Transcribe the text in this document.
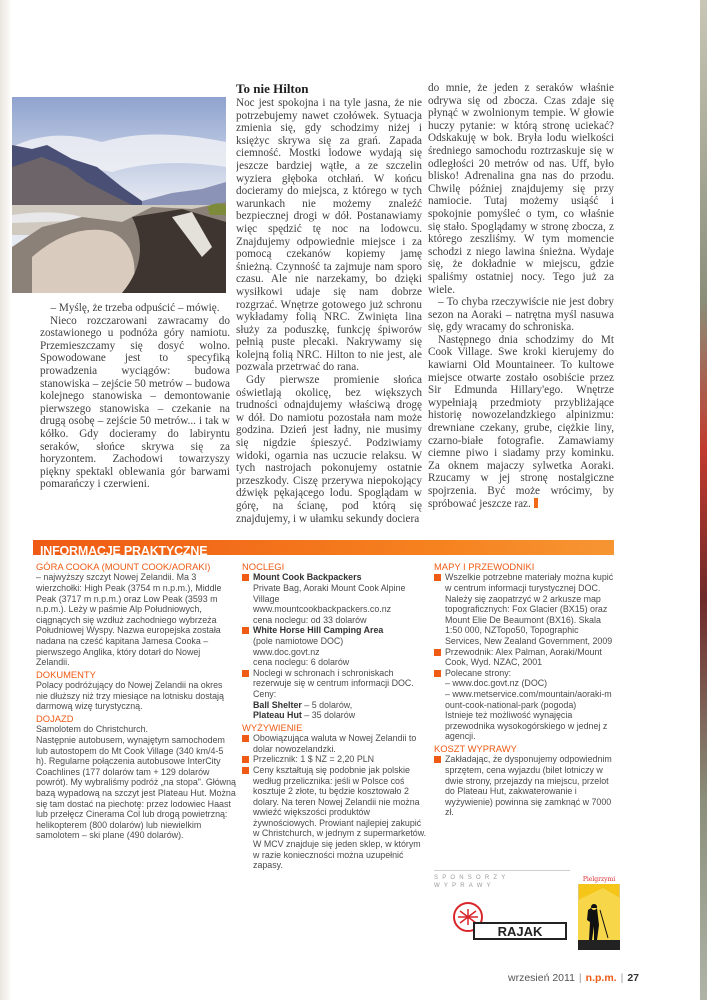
– Myślę, że trzeba odpuścić – mówię.

Nieco rozczarowani zawracamy do zostawionego u podnóża góry namiotu. Przemieszczamy się dosyć wolno. Spowodowane jest to specyfiką prowadzenia wyciągów: budowa stanowiska – zejście 50 metrów – budowa kolejnego stanowiska – demontowanie pierwszego stanowiska – czekanie na drugą osobę – zejście 50 metrów... i tak w kółko. Gdy docieramy do labiryntu seraków, słońce skrywa się za horyzontem. Zachodowi towarzyszy piękny spektakl oblewania gór barwami pomarańczy i czerwieni.

To nie Hilton

Noc jest spokojna i na tyle jasna, że nie potrzebujemy nawet czołówek. Sytuacja zmienia się, gdy schodzimy niżej i księżyc skrywa się za grań. Zapada ciemność. Mostki lodowe wydają się jeszcze bardziej wątłe, a ze szczelin wyziera głęboka otchłań. W końcu docieramy do miejsca, z którego w tych warunkach nie możemy znaleźć bezpiecznej drogi w dół. Postanawiamy więc spędzić tę noc na lodowcu. Znajdujemy odpowiednie miejsce i za pomocą czekanów kopiemy jamę śnieżną. Czynność ta zajmuje nam sporo czasu. Ale nie narzekamy, bo dzięki wysiłkowi udaje się nam dobrze rozgrzać. Wnętrze gotowego już schronu wykładamy folią NRC. Zwinięta lina służy za poduszkę, funkcję śpiworów pełnią puste plecaki. Nakrywamy się kolejną folią NRC. Hilton to nie jest, ale pozwala przetrwać do rana.

Gdy pierwsze promienie słońca oświetlają okolicę, bez większych trudności odnajdujemy właściwą drogę w dół. Do namiotu pozostała nam może godzina. Dzień jest ładny, nie musimy się nigdzie śpieszyć. Podziwiamy widoki, ogarnia nas uczucie relaksu. W tych nastrojach pokonujemy ostatnie przeszkody. Ciszę przerywa niepokojący dźwięk pękającego lodu. Spoglądam w górę, na ścianę, pod którą się znajdujemy, i w ułamku sekundy dociera

do mnie, że jeden z seraków właśnie odrywa się od zbocza. Czas zdaje się płynąć w zwolnionym tempie. W głowie huczy pytanie: w którą stronę uciekać? Odskakuję w bok. Bryła lodu wielkości średniego samochodu roztrzaskuje się w odległości 20 metrów od nas. Uff, było blisko! Adrenalina gna nas do przodu. Chwilę później znajdujemy się przy namiocie. Tutaj możemy usiąść i spokojnie pomyśleć o tym, co właśnie się stało. Spoglądamy w stronę zbocza, z którego zeszliśmy. W tym momencie schodzi z niego lawina śnieżna. Wydaje się, że dokładnie w miejscu, gdzie spaliśmy ostatniej nocy. Tego już za wiele.

– To chyba rzeczywiście nie jest dobry sezon na Aoraki – natrętna myśl nasuwa się, gdy wracamy do schroniska.

Następnego dnia schodzimy do Mt Cook Village. Swe kroki kierujemy do kawiarni Old Mountaineer. To kultowe miejsce otwarte zostało osobiście przez Sir Edmunda Hillary'ego. Wnętrze wypełniają przedmioty przybliżające historię nowozelandzkiego alpinizmu: drewniane czekany, grube, ciężkie liny, czarno-białe fotografie. Zamawiamy ciemne piwo i siadamy przy kominku. Za oknem majaczy sylwetka Aoraki. Rzucamy w jej stronę nostalgiczne spojrzenia. Być może wrócimy, by spróbować jeszcze raz.

INFORMACJE PRAKTYCZNE
GÓRA COOKA (MOUNT COOK/AORAKI)
– najwyższy szczyt Nowej Zelandii. Ma 3 wierzchołki: High Peak (3754 m n.p.m.), Middle Peak (3717 m n.p.m.) oraz Low Peak (3593 m n.p.m.). Leży w paśmie Alp Południowych, ciągnących się wzdłuż zachodniego wybrzeża Południowej Wyspy. Nazwa europejska została nadana na cześć kapitana Jamesa Cooka – pierwszego Anglika, który dotarł do Nowej Zelandii.
DOKUMENTY
Polacy podróżujący do Nowej Zelandii na okres nie dłuższy niż trzy miesiące na lotnisku dostają darmową wizę turystyczną.
DOJAZD
Samolotem do Christchurch.
Następnie autobusem, wynajętym samochodem lub autostopem do Mt Cook Village (340 km/4-5 h). Regularne połączenia autobusowe InterCity Coachlines (177 dolarów tam + 129 dolarów powrót). My wybraliśmy podróż „na stopa". Główną bazą wypadową na szczyt jest Plateau Hut. Można się tam dostać na piechotę: przez lodowiec Haast lub przełęcz Cinerama Col lub drogą powietrzną: helikopterem (800 dolarów) lub niewielkim samolotem – ski plane (490 dolarów).
NOCLEGI
Mount Cook Backpackers
Private Bag, Aoraki Mount Cook Alpine Village
www.mountcookbackpackers.co.nz
cena noclegu: od 33 dolarów
White Horse Hill Camping Area
(pole namiotowe DOC)
www.doc.govt.nz
cena noclegu: 6 dolarów
Noclegi w schronach i schroniskach rezerwuje się w centrum informacji DOC. Ceny:
Ball Shelter – 5 dolarów,
Plateau Hut – 35 dolarów
WYŻYWIENIE
Obowiązująca waluta w Nowej Zelandii to dolar nowozelandzki.
Przelicznik: 1 $ NZ = 2,20 PLN
Ceny kształtują się podobnie jak polskie według przelicznika: jeśli w Polsce coś kosztuje 2 złote, tu będzie kosztowało 2 dolary. Na teren Nowej Zelandii nie można wwieźć większości produktów żywnościowych. Prowiant najlepiej zakupić w Christchurch, w jednym z supermarketów. W MCV znajduje się jeden sklep, w którym w razie konieczności można uzupełnić zapasy.
MAPY I PRZEWODNIKI
Wszelkie potrzebne materiały można kupić w centrum informacji turystycznej DOC. Należy się zaopatrzyć w 2 arkusze map topograficznych: Fox Glacier (BX15) oraz Mount Elie De Beaumont (BX16). Skala 1:50 000, NZTopo50, Topographic Services, New Zealand Government, 2009
Przewodnik: Alex Palman, Aoraki/Mount Cook, Wyd. NZAC, 2001
Polecane strony:
– www.doc.govt.nz (DOC)
– www.metservice.com/mountain/aoraki-mount-cook-national-park (pogoda)
Istnieje też możliwość wynajęcia przewodnika wysokogórskiego w jednej z agencji.
KOSZT WYPRAWY
Zakładając, że dysponujemy odpowiednim sprzętem, cena wyjazdu (bilet lotniczy w dwie strony, przejazdy na miejscu, przelot do Plateau Hut, zakwaterowanie i wyżywienie) powinna się zamknąć w 7000 zł.
SPONSORZY WYPRAWY
RAJAK
Pielgrzymi
wrzesień 2011 | n.p.m. | 27
